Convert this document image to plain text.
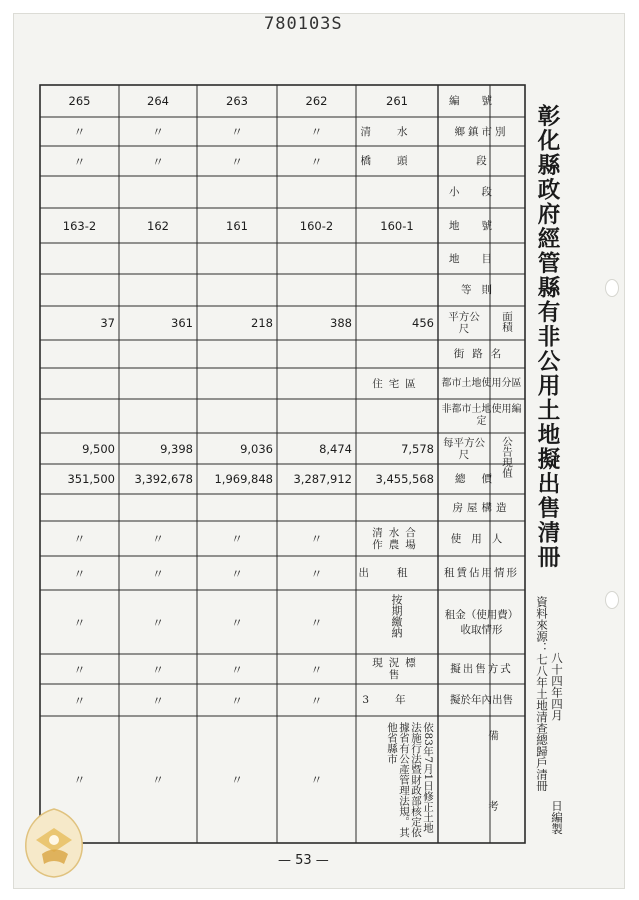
780103S
彰化縣政府經管縣有非公用土地擬出售清冊
資料來源：七八年土地清查總歸戶清冊 八十四年四月
日編製
編號
鄉鎮市別
段
小段
地號
地目
等則
平方公尺	面積
街路名
都市土地使用分區
非都市土地使用編定
每平方公尺	公告現值
總價
房屋構造
使用人
租賃佔用情形
租金（使用費）收取情形
擬出售方式
擬於年內出售
備考
261
262
263
264
265
清水
〃
〃
〃
〃
橋頭
〃
〃
〃
〃
160-1
160-2
161
162
163-2
456
388
218
361
37
住宅區
7,578
8,474
9,036
9,398
9,500
3,455,568
3,287,912
1,969,848
3,392,678
351,500
清水合作農場
〃
〃
〃
〃
出租
〃
〃
〃
〃
按期繳納
〃
〃
〃
〃
現況標售
〃
〃
〃
〃
3年
〃
〃
〃
〃
依83年7月1日修正土地法施行法暨財政部核定依據省有公產管理法規。其他省縣市
〃
〃
〃
〃
— 53 —
